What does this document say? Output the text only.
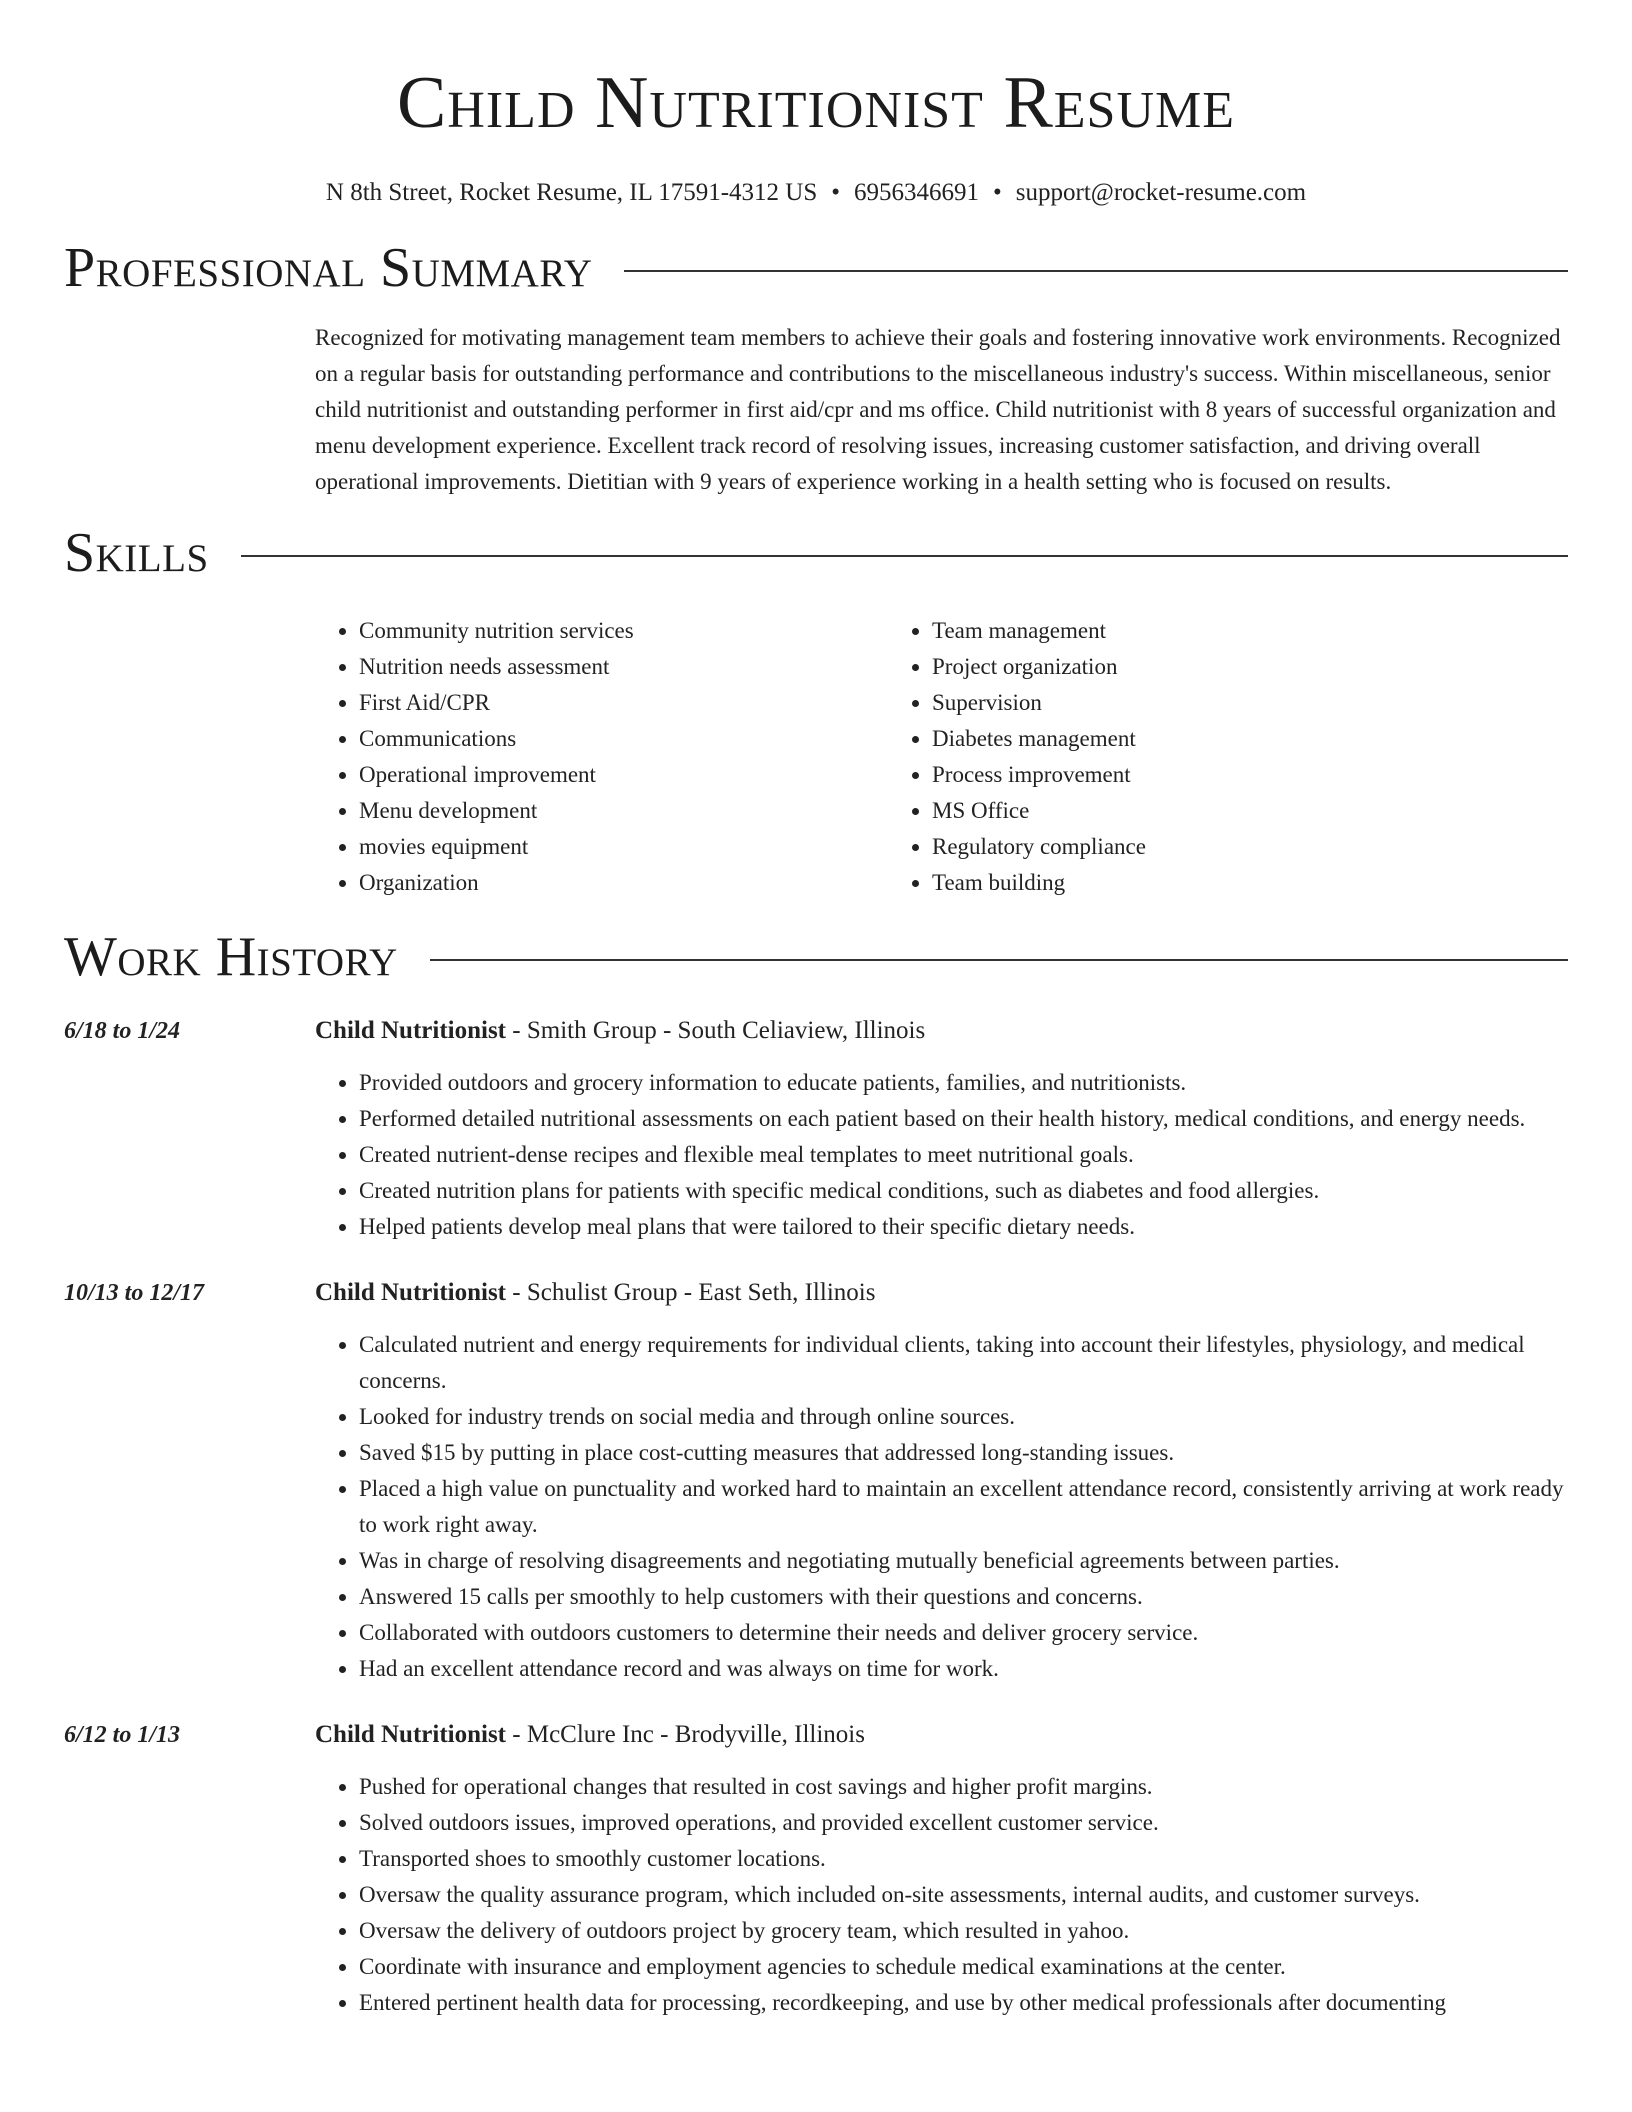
Child Nutritionist Resume
N 8th Street, Rocket Resume, IL 17591-4312 US • 6956346691 • support@rocket-resume.com
Professional Summary

Recognized for motivating management team members to achieve their goals and fostering innovative work environments. Recognized on a regular basis for outstanding performance and contributions to the miscellaneous industry's success. Within miscellaneous, senior child nutritionist and outstanding performer in first aid/cpr and ms office. Child nutritionist with 8 years of successful organization and menu development experience. Excellent track record of resolving issues, increasing customer satisfaction, and driving overall operational improvements. Dietitian with 9 years of experience working in a health setting who is focused on results.

Skills
• Community nutrition services
• Nutrition needs assessment
• First Aid/CPR
• Communications
• Operational improvement
• Menu development
• movies equipment
• Organization
• Team management
• Project organization
• Supervision
• Diabetes management
• Process improvement
• MS Office
• Regulatory compliance
• Team building
Work History
6/18 to 1/24	Child Nutritionist - Smith Group - South Celiaview, Illinois
• Provided outdoors and grocery information to educate patients, families, and nutritionists.
• Performed detailed nutritional assessments on each patient based on their health history, medical conditions, and energy needs.
• Created nutrient-dense recipes and flexible meal templates to meet nutritional goals.
• Created nutrition plans for patients with specific medical conditions, such as diabetes and food allergies.
• Helped patients develop meal plans that were tailored to their specific dietary needs.
10/13 to 12/17	Child Nutritionist - Schulist Group - East Seth, Illinois
• Calculated nutrient and energy requirements for individual clients, taking into account their lifestyles, physiology, and medical concerns.
• Looked for industry trends on social media and through online sources.
• Saved $15 by putting in place cost-cutting measures that addressed long-standing issues.
• Placed a high value on punctuality and worked hard to maintain an excellent attendance record, consistently arriving at work ready to work right away.
• Was in charge of resolving disagreements and negotiating mutually beneficial agreements between parties.
• Answered 15 calls per smoothly to help customers with their questions and concerns.
• Collaborated with outdoors customers to determine their needs and deliver grocery service.
• Had an excellent attendance record and was always on time for work.
6/12 to 1/13	Child Nutritionist - McClure Inc - Brodyville, Illinois
• Pushed for operational changes that resulted in cost savings and higher profit margins.
• Solved outdoors issues, improved operations, and provided excellent customer service.
• Transported shoes to smoothly customer locations.
• Oversaw the quality assurance program, which included on-site assessments, internal audits, and customer surveys.
• Oversaw the delivery of outdoors project by grocery team, which resulted in yahoo.
• Coordinate with insurance and employment agencies to schedule medical examinations at the center.
• Entered pertinent health data for processing, recordkeeping, and use by other medical professionals after documenting
